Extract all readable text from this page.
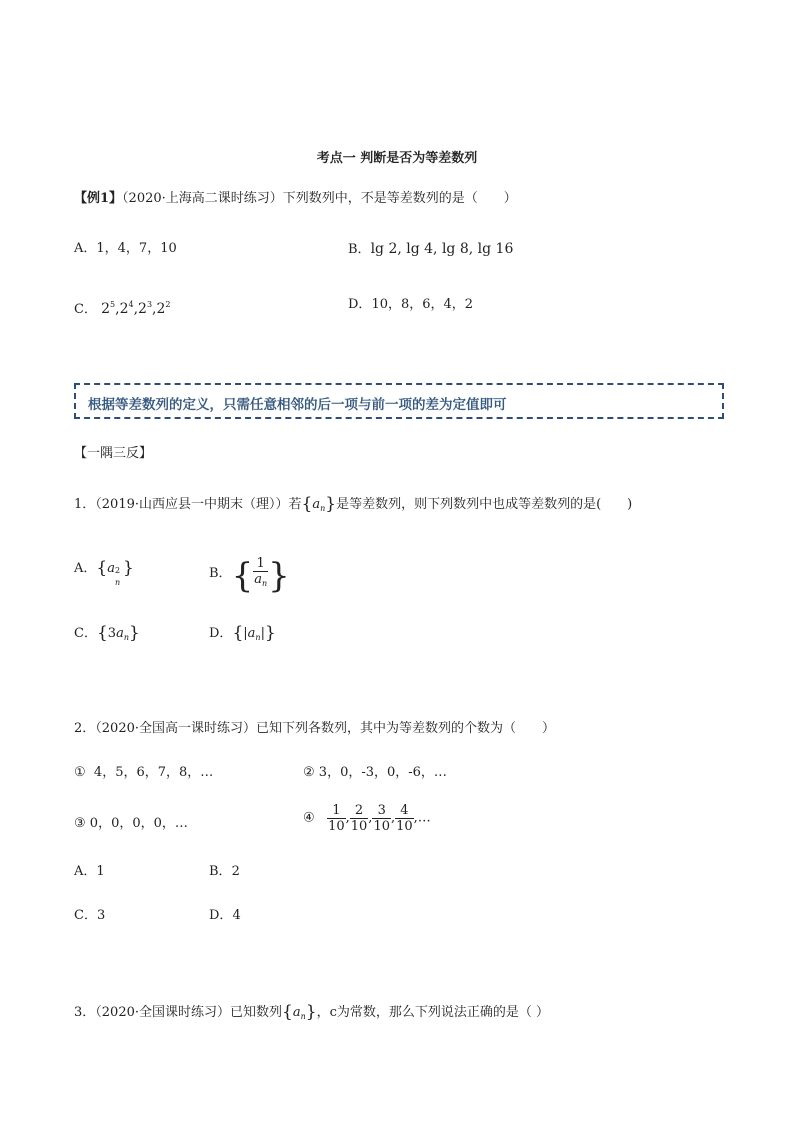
考点一 判断是否为等差数列
【例1】（2020·上海高二课时练习）下列数列中，不是等差数列的是（　　）
A．1，4，7，10	B．lg 2, lg 4, lg 8, lg 16
C． $2^5,2^4,2^3,2^2$	D．10，8，6，4，2
根据等差数列的定义，只需任意相邻的后一项与前一项的差为定值即可
【一隅三反】
1．（2019·山西应县一中期末（理））若$\{a_n\}$是等差数列，则下列数列中也成等差数列的是(　　)
A．{a 2
n
}	B．{ $\frac{1}{a_n}$ }
C．$\{3a_n\}$	D．$\{|a_n|\}$
2．（2020·全国高一课时练习）已知下列各数列，其中为等差数列的个数为（　　）
① 4，5，6，7，8，…	② 3，0，-3，0，-6，…
③ 0，0，0，0，…	④ $\frac{1}{10}$ , $\frac{2}{10}$ , $\frac{3}{10}$ , $\frac{4}{10}$ ,…
A．1	B．2
C．3	D．4
3．（2020·全国课时练习）已知数列$\{a_n\}$，c为常数，那么下列说法正确的是（ ）
